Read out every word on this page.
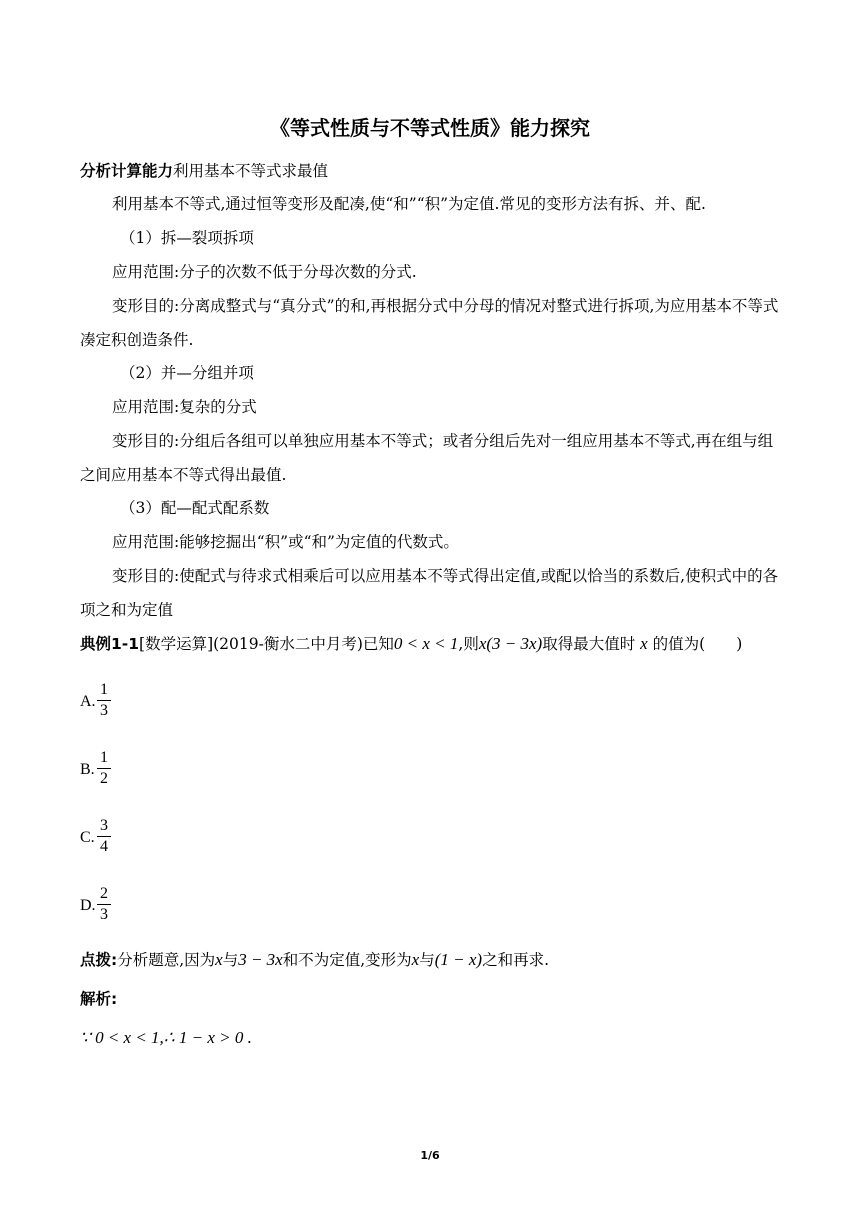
《等式性质与不等式性质》能力探究
分析计算能力利用基本不等式求最值
利用基本不等式,通过恒等变形及配凑,使“和”“积”为定值.常见的变形方法有拆、并、配.
（1）拆—裂项拆项
应用范围:分子的次数不低于分母次数的分式.
变形目的:分离成整式与“真分式”的和,再根据分式中分母的情况对整式进行拆项,为应用基本不等式凑定积创造条件.
（2）并—分组并项
应用范围:复杂的分式
变形目的:分组后各组可以单独应用基本不等式；或者分组后先对一组应用基本不等式,再在组与组之间应用基本不等式得出最值.
（3）配—配式配系数
应用范围:能够挖掘出“积”或“和”为定值的代数式。
变形目的:使配式与待求式相乘后可以应用基本不等式得出定值,或配以恰当的系数后,使积式中的各项之和为定值
典例1-1[数学运算](2019-衡水二中月考)已知0 < x < 1,则x(3 − 3x)取得最大值时 x 的值为(　　)
A.
1
3
B.
1
2
C.
3
4
D.
2
3
点拨:分析题意,因为x与3 − 3x和不为定值,变形为x与(1 − x)之和再求.
解析:
∵ 0 < x < 1,∴ 1 − x > 0 .
1/6
